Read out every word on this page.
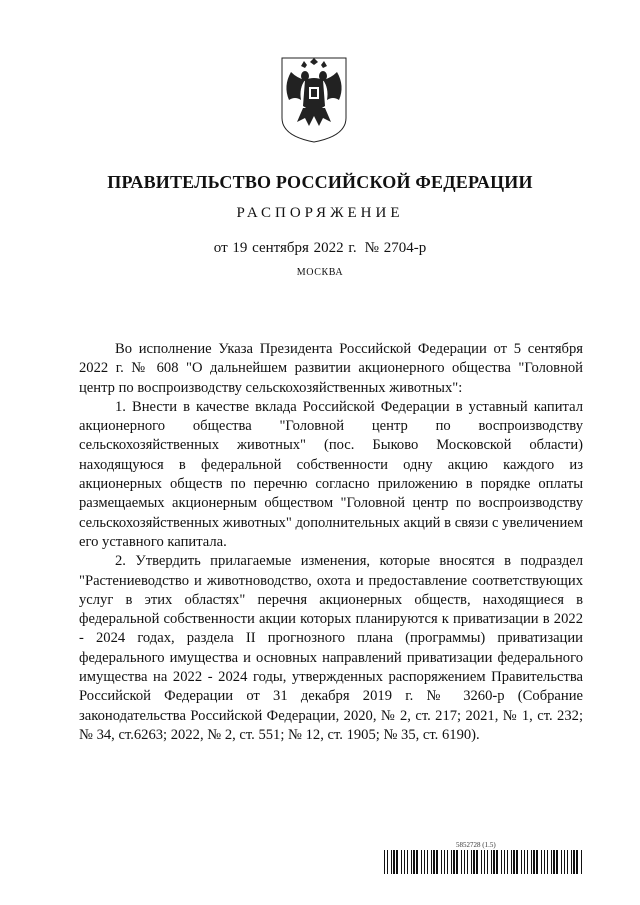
ПРАВИТЕЛЬСТВО РОССИЙСКОЙ ФЕДЕРАЦИИ
РАСПОРЯЖЕНИЕ
от 19 сентября 2022 г. № 2704-р
МОСКВА

Во исполнение Указа Президента Российской Федерации от 5 сентября 2022 г. № 608 "О дальнейшем развитии акционерного общества "Головной центр по воспроизводству сельскохозяйственных животных":

1. Внести в качестве вклада Российской Федерации в уставный капитал акционерного общества "Головной центр по воспроизводству сельскохозяйственных животных" (пос. Быково Московской области) находящуюся в федеральной собственности одну акцию каждого из акционерных обществ по перечню согласно приложению в порядке оплаты размещаемых акционерным обществом "Головной центр по воспроизводству сельскохозяйственных животных" дополнительных акций в связи с увеличением его уставного капитала.

2. Утвердить прилагаемые изменения, которые вносятся в подраздел "Растениеводство и животноводство, охота и предоставление соответствующих услуг в этих областях" перечня акционерных обществ, находящиеся в федеральной собственности акции которых планируются к приватизации в 2022 - 2024 годах, раздела II прогнозного плана (программы) приватизации федерального имущества и основных направлений приватизации федерального имущества на 2022 - 2024 годы, утвержденных распоряжением Правительства Российской Федерации от 31 декабря 2019 г. № 3260-р (Собрание законодательства Российской Федерации, 2020, № 2, ст. 217; 2021, № 1, ст. 232; № 34, ст.6263; 2022, № 2, ст. 551; № 12, ст. 1905; № 35, ст. 6190).

5852728 (1.5)
